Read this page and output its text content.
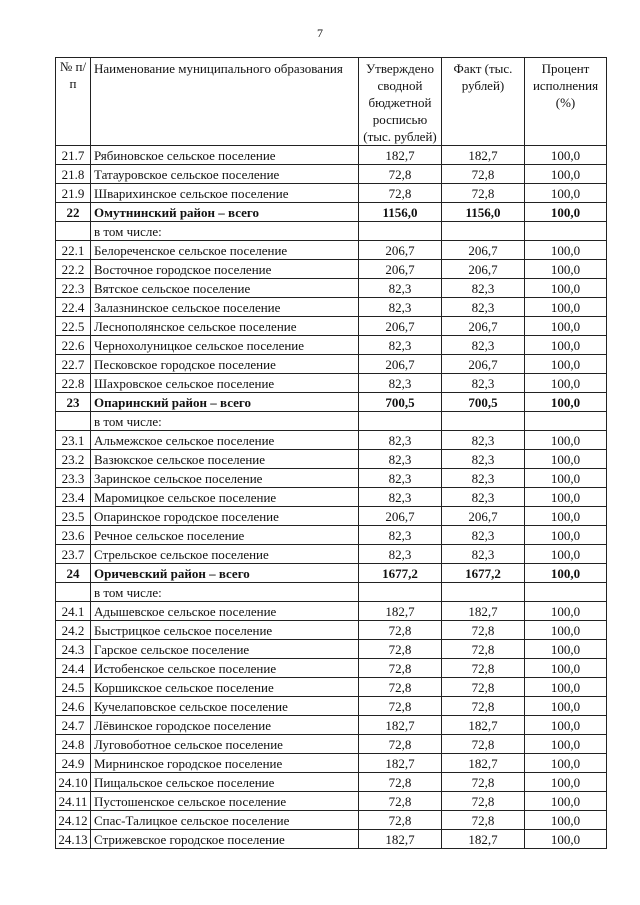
7
№ п/п	Наименование муниципального образования	Утверждено сводной бюджетной росписью (тыс. рублей)	Факт (тыс. рублей)	Процент исполнения (%)
21.7	Рябиновское сельское поселение	182,7	182,7	100,0
21.8	Татауровское сельское поселение	72,8	72,8	100,0
21.9	Шварихинское сельское поселение	72,8	72,8	100,0
22	Омутнинский район – всего	1156,0	1156,0	100,0
	в том числе:			
22.1	Белореченское сельское поселение	206,7	206,7	100,0
22.2	Восточное городское поселение	206,7	206,7	100,0
22.3	Вятское сельское поселение	82,3	82,3	100,0
22.4	Залазнинское сельское поселение	82,3	82,3	100,0
22.5	Леснополянское сельское поселение	206,7	206,7	100,0
22.6	Чернохолуницкое сельское поселение	82,3	82,3	100,0
22.7	Песковское городское поселение	206,7	206,7	100,0
22.8	Шахровское сельское поселение	82,3	82,3	100,0
23	Опаринский район – всего	700,5	700,5	100,0
	в том числе:			
23.1	Альмежское сельское поселение	82,3	82,3	100,0
23.2	Вазюкское сельское поселение	82,3	82,3	100,0
23.3	Заринское сельское поселение	82,3	82,3	100,0
23.4	Маромицкое сельское поселение	82,3	82,3	100,0
23.5	Опаринское городское поселение	206,7	206,7	100,0
23.6	Речное сельское поселение	82,3	82,3	100,0
23.7	Стрельское сельское поселение	82,3	82,3	100,0
24	Оричевский район – всего	1677,2	1677,2	100,0
	в том числе:			
24.1	Адышевское сельское поселение	182,7	182,7	100,0
24.2	Быстрицкое сельское поселение	72,8	72,8	100,0
24.3	Гарское сельское поселение	72,8	72,8	100,0
24.4	Истобенское сельское поселение	72,8	72,8	100,0
24.5	Коршикское сельское поселение	72,8	72,8	100,0
24.6	Кучелаповское сельское поселение	72,8	72,8	100,0
24.7	Лёвинское городское поселение	182,7	182,7	100,0
24.8	Луговоботное сельское поселение	72,8	72,8	100,0
24.9	Мирнинское городское поселение	182,7	182,7	100,0
24.10	Пищальское сельское поселение	72,8	72,8	100,0
24.11	Пустошенское сельское поселение	72,8	72,8	100,0
24.12	Спас-Талицкое сельское поселение	72,8	72,8	100,0
24.13	Стрижевское городское поселение	182,7	182,7	100,0
